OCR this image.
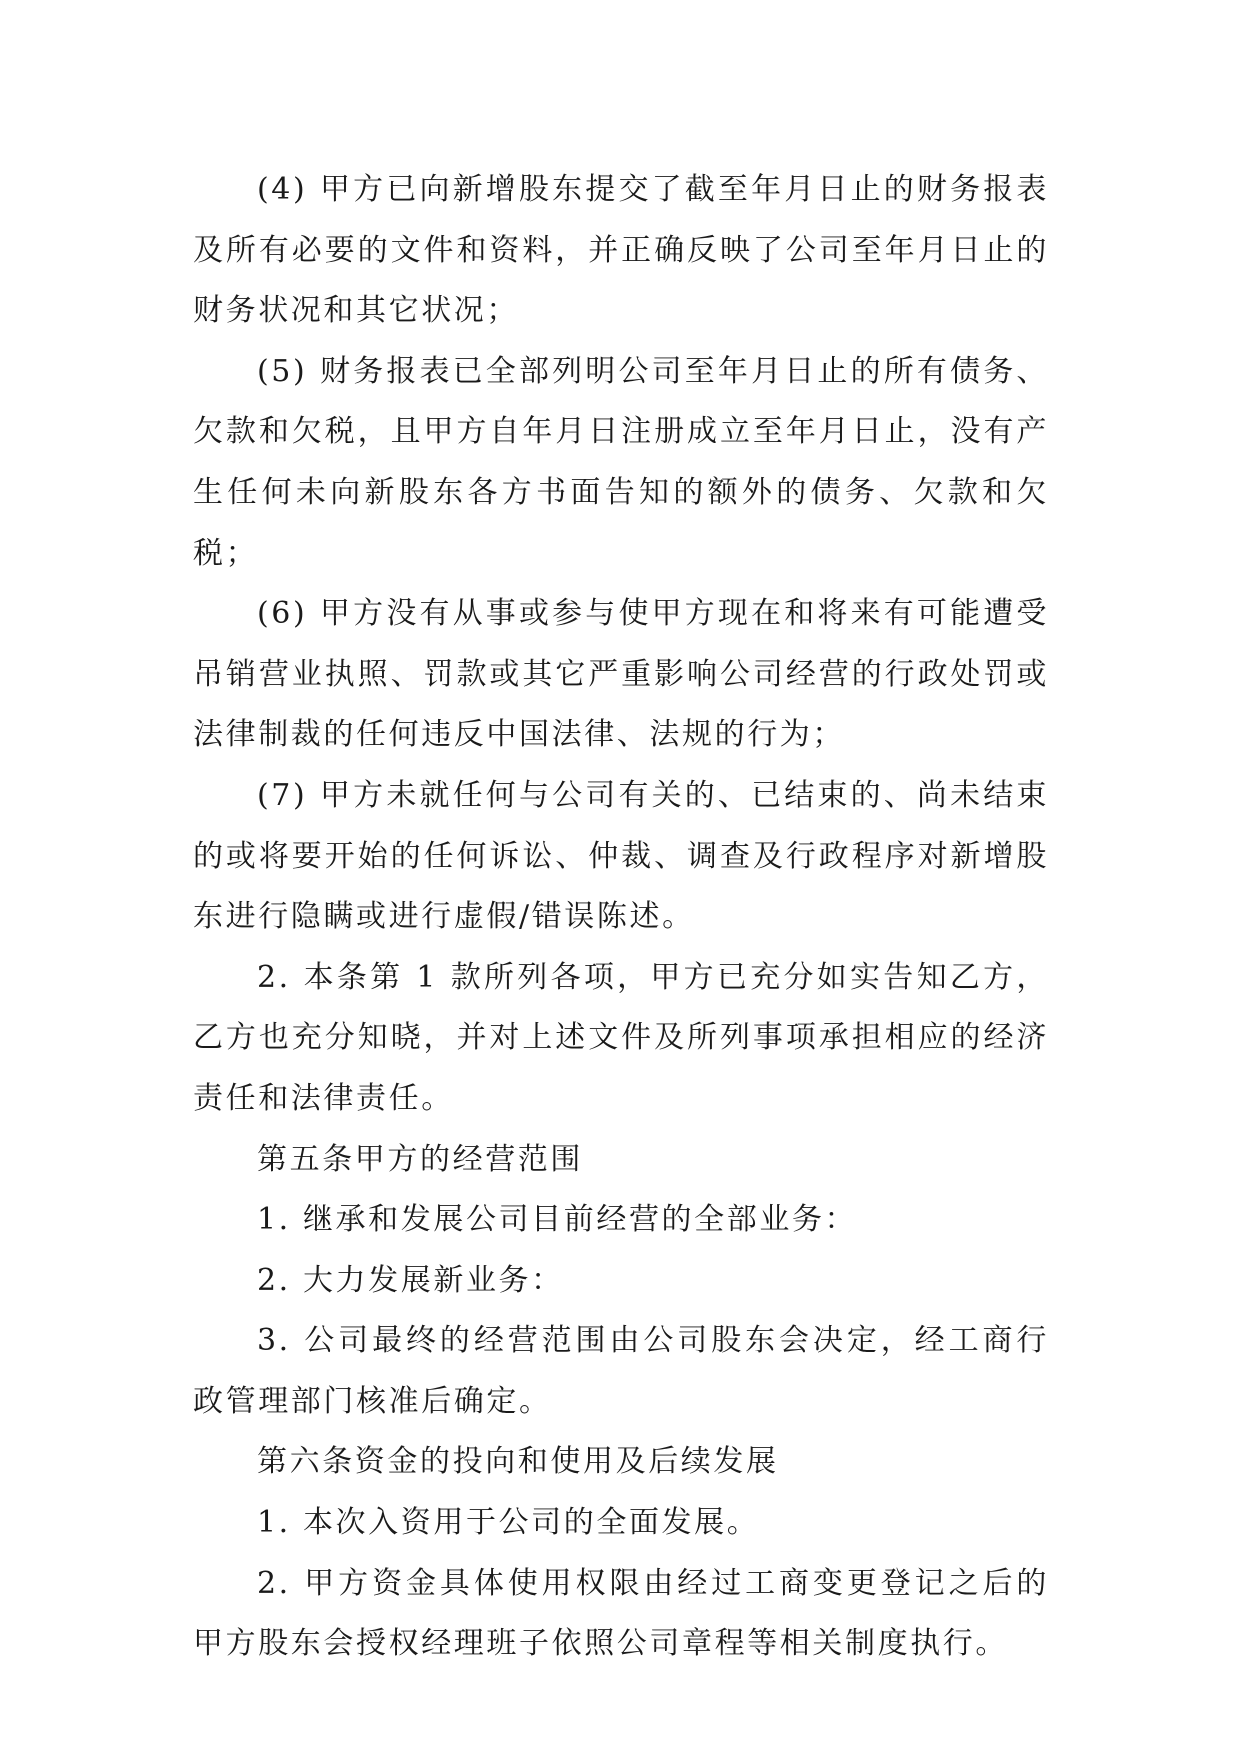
(4) 甲方已向新增股东提交了截至年月日止的财务报表及所有必要的文件和资料，并正确反映了公司至年月日止的财务状况和其它状况；

(5) 财务报表已全部列明公司至年月日止的所有债务、欠款和欠税，且甲方自年月日注册成立至年月日止，没有产生任何未向新股东各方书面告知的额外的债务、欠款和欠税；

(6) 甲方没有从事或参与使甲方现在和将来有可能遭受吊销营业执照、罚款或其它严重影响公司经营的行政处罚或法律制裁的任何违反中国法律、法规的行为；

(7) 甲方未就任何与公司有关的、已结束的、尚未结束的或将要开始的任何诉讼、仲裁、调查及行政程序对新增股东进行隐瞒或进行虚假/错误陈述。

2. 本条第 1 款所列各项，甲方已充分如实告知乙方，乙方也充分知晓，并对上述文件及所列事项承担相应的经济责任和法律责任。

第五条甲方的经营范围

1. 继承和发展公司目前经营的全部业务：

2. 大力发展新业务：

3. 公司最终的经营范围由公司股东会决定，经工商行政管理部门核准后确定。

第六条资金的投向和使用及后续发展

1. 本次入资用于公司的全面发展。

2. 甲方资金具体使用权限由经过工商变更登记之后的甲方股东会授权经理班子依照公司章程等相关制度执行。
